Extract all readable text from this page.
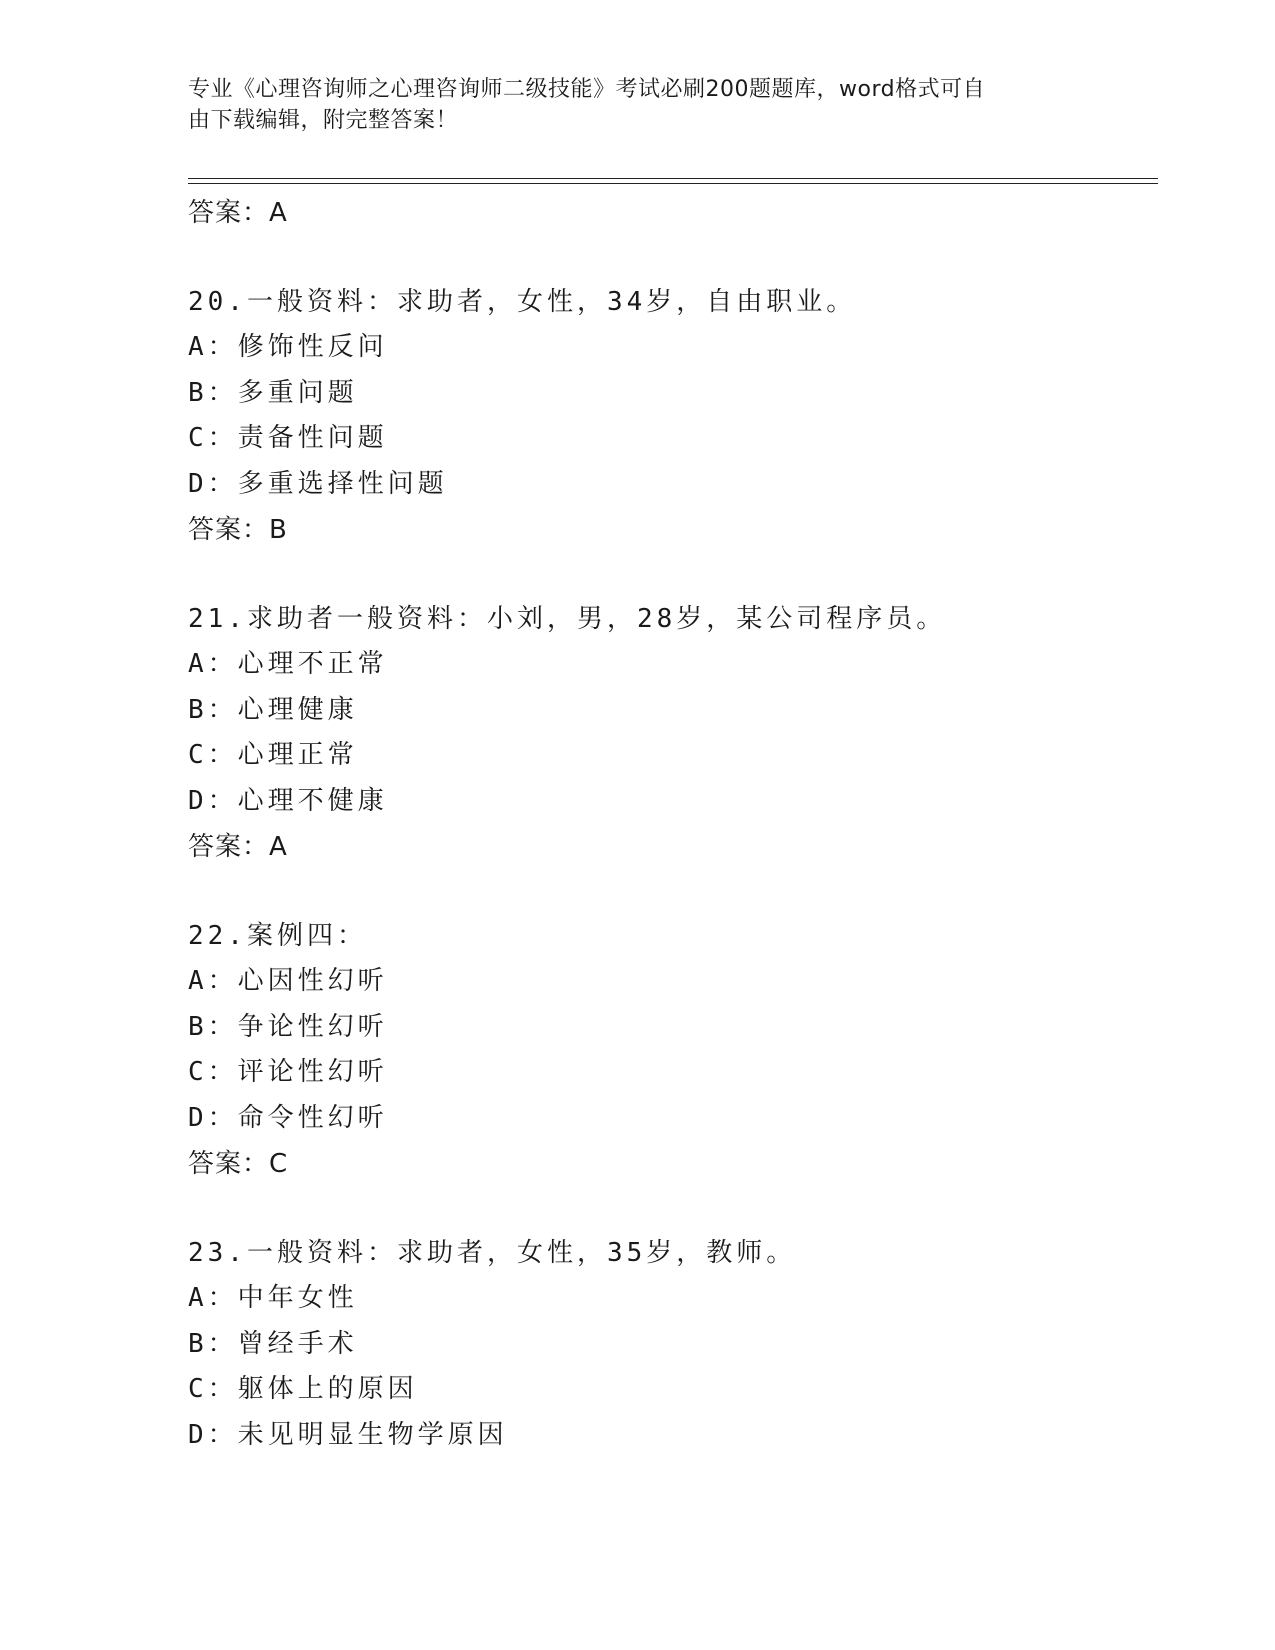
专业《心理咨询师之心理咨询师二级技能》考试必刷200题题库，word格式可自
由下载编辑，附完整答案！
答案：A
20.一般资料：求助者，女性，34岁，自由职业。
A：修饰性反问
B：多重问题
C：责备性问题
D：多重选择性问题
答案：B
21.求助者一般资料：小刘，男，28岁，某公司程序员。
A：心理不正常
B：心理健康
C：心理正常
D：心理不健康
答案：A
22.案例四：
A：心因性幻听
B：争论性幻听
C：评论性幻听
D：命令性幻听
答案：C
23.一般资料：求助者，女性，35岁，教师。
A：中年女性
B：曾经手术
C：躯体上的原因
D：未见明显生物学原因
